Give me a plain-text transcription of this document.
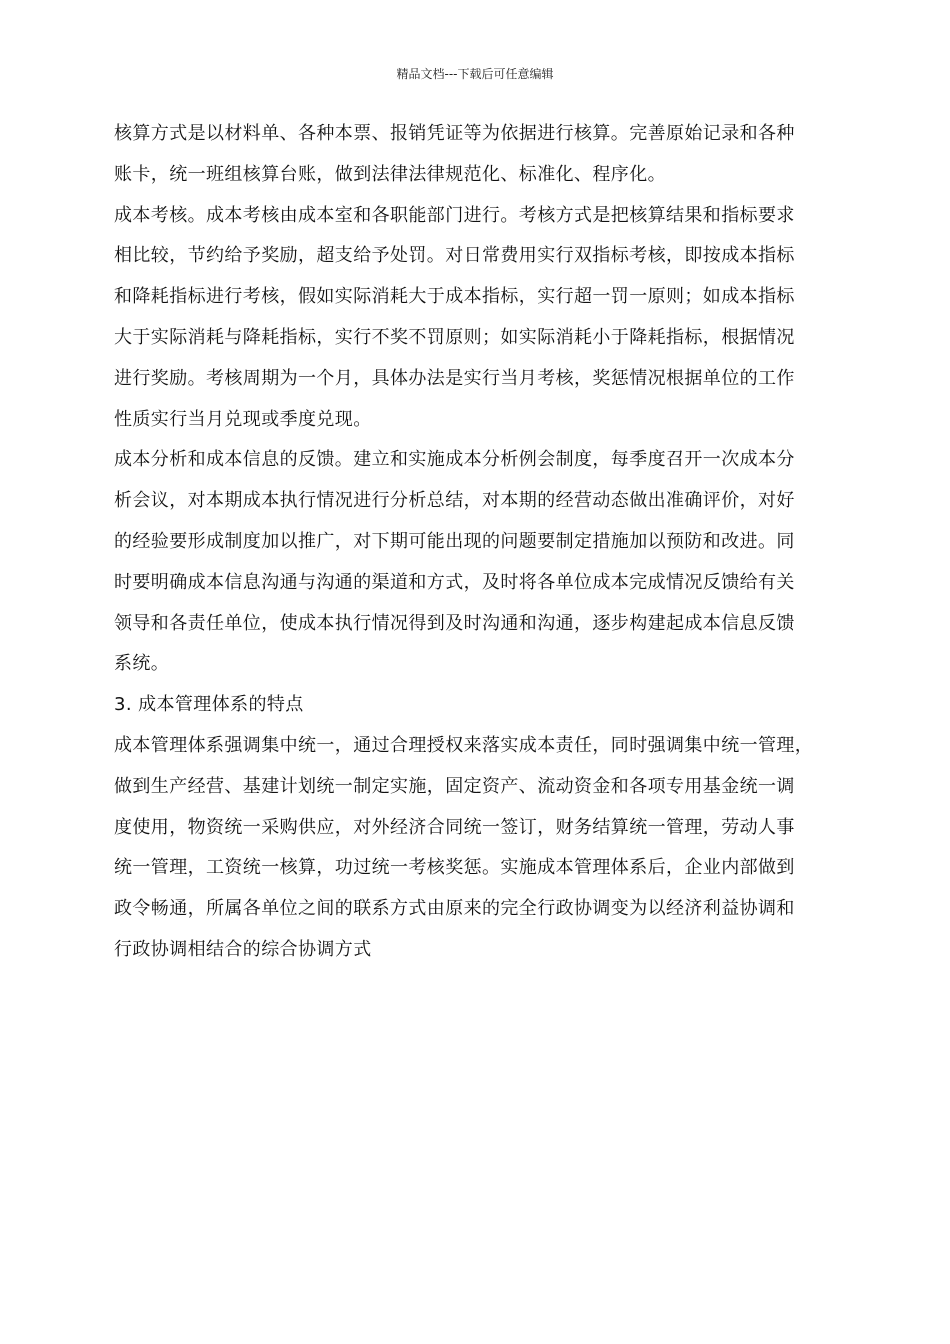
精品文档---下载后可任意编辑

核算方式是以材料单、各种本票、报销凭证等为依据进行核算。完善原始记录和各种
账卡，统一班组核算台账，做到法律法律规范化、标准化、程序化。

成本考核。成本考核由成本室和各职能部门进行。考核方式是把核算结果和指标要求
相比较，节约给予奖励，超支给予处罚。对日常费用实行双指标考核，即按成本指标
和降耗指标进行考核，假如实际消耗大于成本指标，实行超一罚一原则；如成本指标
大于实际消耗与降耗指标，实行不奖不罚原则；如实际消耗小于降耗指标，根据情况
进行奖励。考核周期为一个月，具体办法是实行当月考核，奖惩情况根据单位的工作
性质实行当月兑现或季度兑现。

成本分析和成本信息的反馈。建立和实施成本分析例会制度，每季度召开一次成本分
析会议，对本期成本执行情况进行分析总结，对本期的经营动态做出准确评价，对好
的经验要形成制度加以推广，对下期可能出现的问题要制定措施加以预防和改进。同
时要明确成本信息沟通与沟通的渠道和方式，及时将各单位成本完成情况反馈给有关
领导和各责任单位，使成本执行情况得到及时沟通和沟通，逐步构建起成本信息反馈
系统。

3. 成本管理体系的特点

成本管理体系强调集中统一，通过合理授权来落实成本责任，同时强调集中统一管理，
做到生产经营、基建计划统一制定实施，固定资产、流动资金和各项专用基金统一调
度使用，物资统一采购供应，对外经济合同统一签订，财务结算统一管理，劳动人事
统一管理，工资统一核算，功过统一考核奖惩。实施成本管理体系后，企业内部做到
政令畅通，所属各单位之间的联系方式由原来的完全行政协调变为以经济利益协调和
行政协调相结合的综合协调方式
